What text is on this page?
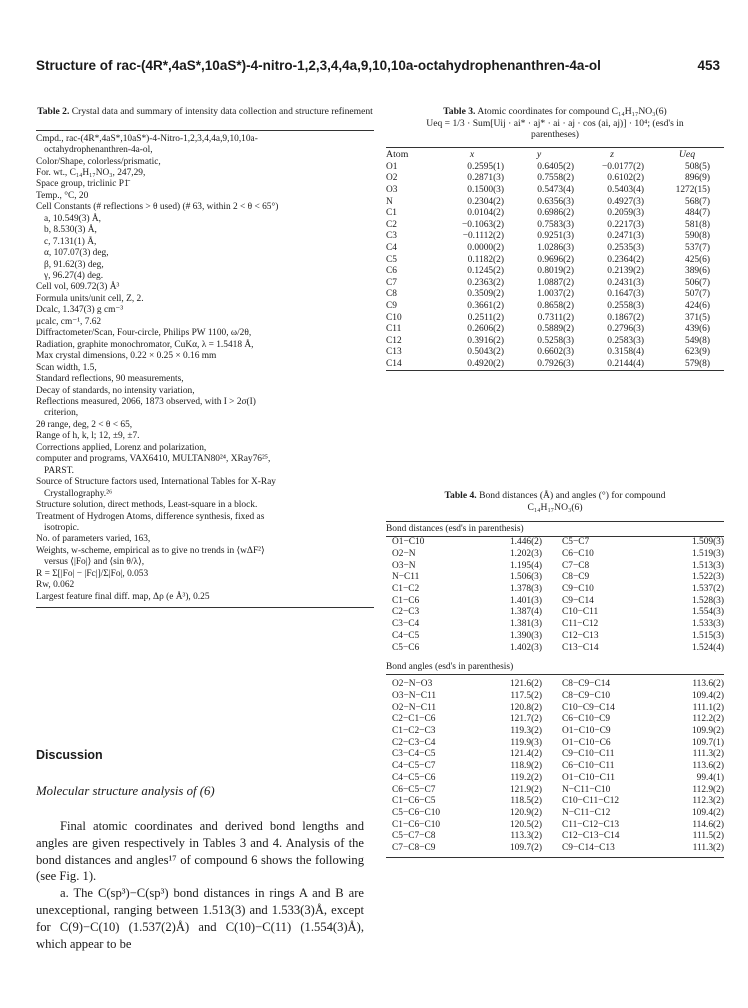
Structure of rac-(4R*,4aS*,10aS*)-4-nitro-1,2,3,4,4a,9,10,10a-octahydrophenanthren-4a-ol	453
Table 2. Crystal data and summary of intensity data collection and structure refinement
Cmpd., rac-(4R*,4aS*,10aS*)-4-Nitro-1,2,3,4,4a,9,10,10a-
octahydrophenanthren-4a-ol,
Color/Shape, colorless/prismatic,
For. wt., C₁₄H₁₇NO₃, 247,29,
Space group, triclinic P1̄
Temp., °C, 20
Cell Constants (# reflections > θ used) (# 63, within 2 < θ < 65°)
a, 10.549(3) Å,
b, 8.530(3) Å,
c, 7.131(1) Å,
α, 107.07(3) deg,
β, 91.62(3) deg,
γ, 96.27(4) deg.
Cell vol, 609.72(3) Å³
Formula units/unit cell, Z, 2.
Dcalc, 1.347(3) g cm⁻³
μcalc, cm⁻¹, 7.62
Diffractometer/Scan, Four-circle, Philips PW 1100, ω/2θ,
Radiation, graphite monochromator, CuKα, λ = 1.5418 Å,
Max crystal dimensions, 0.22 × 0.25 × 0.16 mm
Scan width, 1.5,
Standard reflections, 90 measurements,
Decay of standards, no intensity variation,
Reflections measured, 2066, 1873 observed, with I > 2σ(I)
criterion,
2θ range, deg, 2 < θ < 65,
Range of h, k, l; 12, ±9, ±7.
Corrections applied, Lorenz and polarization,
computer and programs, VAX6410, MULTAN80²⁴, XRay76²⁵,
PARST.
Source of Structure factors used, International Tables for X-Ray
Crystallography.²⁶
Structure solution, direct methods, Least-square in a block.
Treatment of Hydrogen Atoms, difference synthesis, fixed as
isotropic.
No. of parameters varied, 163,
Weights, w-scheme, empirical as to give no trends in ⟨wΔF²⟩
versus ⟨|Fo|⟩ and ⟨sin θ/λ⟩,
R = Σ[|Fo| − |Fc|]/Σ|Fo|, 0.053
Rw, 0.062
Largest feature final diff. map, Δρ (e Å³), 0.25
Discussion
Molecular structure analysis of (6)

Final atomic coordinates and derived bond lengths and angles are given respectively in Tables 3 and 4. Analysis of the bond distances and angles¹⁷ of compound 6 shows the following (see Fig. 1).

a. The C(sp³)−C(sp³) bond distances in rings A and B are unexceptional, ranging between 1.513(3) and 1.533(3)Å, except for C(9)−C(10) (1.537(2)Å) and C(10)−C(11) (1.554(3)Å), which appear to be

Table 3. Atomic coordinates for compound C₁₄H₁₇NO₃(6)
Ueq = 1/3 · Sum[Uij · ai* · aj* · ai · aj · cos (ai, aj)] · 10⁴; (esd's in
parentheses)
Atom	x	y	z	Ueq
O1	0.2595(1)	0.6405(2)	−0.0177(2)	508(5)
O2	0.2871(3)	0.7558(2)	0.6102(2)	896(9)
O3	0.1500(3)	0.5473(4)	0.5403(4)	1272(15)
N	0.2304(2)	0.6356(3)	0.4927(3)	568(7)
C1	0.0104(2)	0.6986(2)	0.2059(3)	484(7)
C2	−0.1063(2)	0.7583(3)	0.2217(3)	581(8)
C3	−0.1112(2)	0.9251(3)	0.2471(3)	590(8)
C4	0.0000(2)	1.0286(3)	0.2535(3)	537(7)
C5	0.1182(2)	0.9696(2)	0.2364(2)	425(6)
C6	0.1245(2)	0.8019(2)	0.2139(2)	389(6)
C7	0.2363(2)	1.0887(2)	0.2431(3)	506(7)
C8	0.3509(2)	1.0037(2)	0.1647(3)	507(7)
C9	0.3661(2)	0.8658(2)	0.2558(3)	424(6)
C10	0.2511(2)	0.7311(2)	0.1867(2)	371(5)
C11	0.2606(2)	0.5889(2)	0.2796(3)	439(6)
C12	0.3916(2)	0.5258(3)	0.2583(3)	549(8)
C13	0.5043(2)	0.6602(3)	0.3158(4)	623(9)
C14	0.4920(2)	0.7926(3)	0.2144(4)	579(8)
Table 4. Bond distances (Å) and angles (°) for compound
C₁₄H₁₇NO₃(6)
Bond distances (esd's in parenthesis)
O1−C10	1.446(2)	C5−C7	1.509(3)
O2−N	1.202(3)	C6−C10	1.519(3)
O3−N	1.195(4)	C7−C8	1.513(3)
N−C11	1.506(3)	C8−C9	1.522(3)
C1−C2	1.378(3)	C9−C10	1.537(2)
C1−C6	1.401(3)	C9−C14	1.528(3)
C2−C3	1.387(4)	C10−C11	1.554(3)
C3−C4	1.381(3)	C11−C12	1.533(3)
C4−C5	1.390(3)	C12−C13	1.515(3)
C5−C6	1.402(3)	C13−C14	1.524(4)
Bond angles (esd's in parenthesis)
O2−N−O3	121.6(2)	C8−C9−C14	113.6(2)
O3−N−C11	117.5(2)	C8−C9−C10	109.4(2)
O2−N−C11	120.8(2)	C10−C9−C14	111.1(2)
C2−C1−C6	121.7(2)	C6−C10−C9	112.2(2)
C1−C2−C3	119.3(2)	O1−C10−C9	109.9(2)
C2−C3−C4	119.9(3)	O1−C10−C6	109.7(1)
C3−C4−C5	121.4(2)	C9−C10−C11	111.3(2)
C4−C5−C7	118.9(2)	C6−C10−C11	113.6(2)
C4−C5−C6	119.2(2)	O1−C10−C11	99.4(1)
C6−C5−C7	121.9(2)	N−C11−C10	112.9(2)
C1−C6−C5	118.5(2)	C10−C11−C12	112.3(2)
C5−C6−C10	120.9(2)	N−C11−C12	109.4(2)
C1−C6−C10	120.5(2)	C11−C12−C13	114.6(2)
C5−C7−C8	113.3(2)	C12−C13−C14	111.5(2)
C7−C8−C9	109.7(2)	C9−C14−C13	111.3(2)
